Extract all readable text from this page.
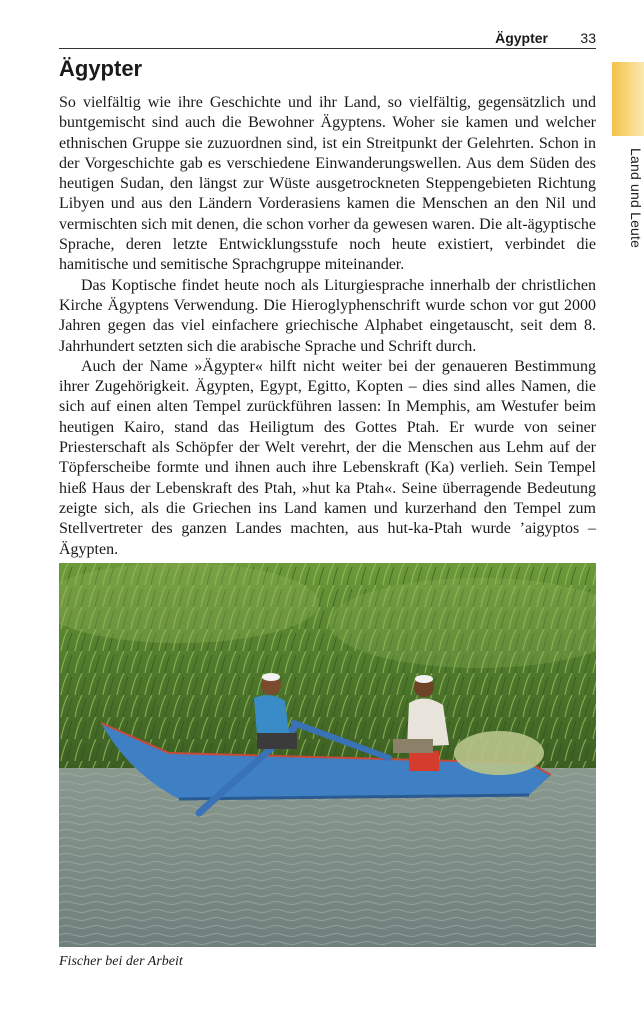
Ägypter 33
Land und Leute
Ägypter

So vielfältig wie ihre Geschichte und ihr Land, so vielfältig, gegensätzlich und buntgemischt sind auch die Bewohner Ägyptens. Woher sie kamen und welcher ethnischen Gruppe sie zuzuordnen sind, ist ein Streitpunkt der Gelehrten. Schon in der Vorgeschichte gab es verschiedene Einwanderungswellen. Aus dem Süden des heutigen Sudan, den längst zur Wüste ausgetrockneten Steppengebieten Richtung Libyen und aus den Ländern Vorderasiens kamen die Menschen an den Nil und vermischten sich mit denen, die schon vorher da gewesen waren. Die alt-ägyptische Sprache, deren letzte Entwicklungsstufe noch heute existiert, verbindet die hamitische und semitische Sprachgruppe miteinander.

Das Koptische findet heute noch als Liturgiesprache innerhalb der christlichen Kirche Ägyptens Verwendung. Die Hieroglyphenschrift wurde schon vor gut 2000 Jahren gegen das viel einfachere griechische Alphabet eingetauscht, seit dem 8. Jahrhundert setzten sich die arabische Sprache und Schrift durch.

Auch der Name »Ägypter« hilft nicht weiter bei der genaueren Bestimmung ihrer Zugehörigkeit. Ägypten, Egypt, Egitto, Kopten – dies sind alles Namen, die sich auf einen alten Tempel zurückführen lassen: In Memphis, am Westufer beim heutigen Kairo, stand das Heiligtum des Gottes Ptah. Er wurde von seiner Priesterschaft als Schöpfer der Welt verehrt, der die Menschen aus Lehm auf der Töpferscheibe formte und ihnen auch ihre Lebenskraft (Ka) verlieh. Sein Tempel hieß Haus der Lebenskraft des Ptah, »hut ka Ptah«. Seine überragende Bedeutung zeigte sich, als die Griechen ins Land kamen und kurzerhand den Tempel zum Stellvertreter des ganzen Landes machten, aus hut-ka-Ptah wurde ’aigyptos – Ägypten.

Fischer bei der Arbeit
